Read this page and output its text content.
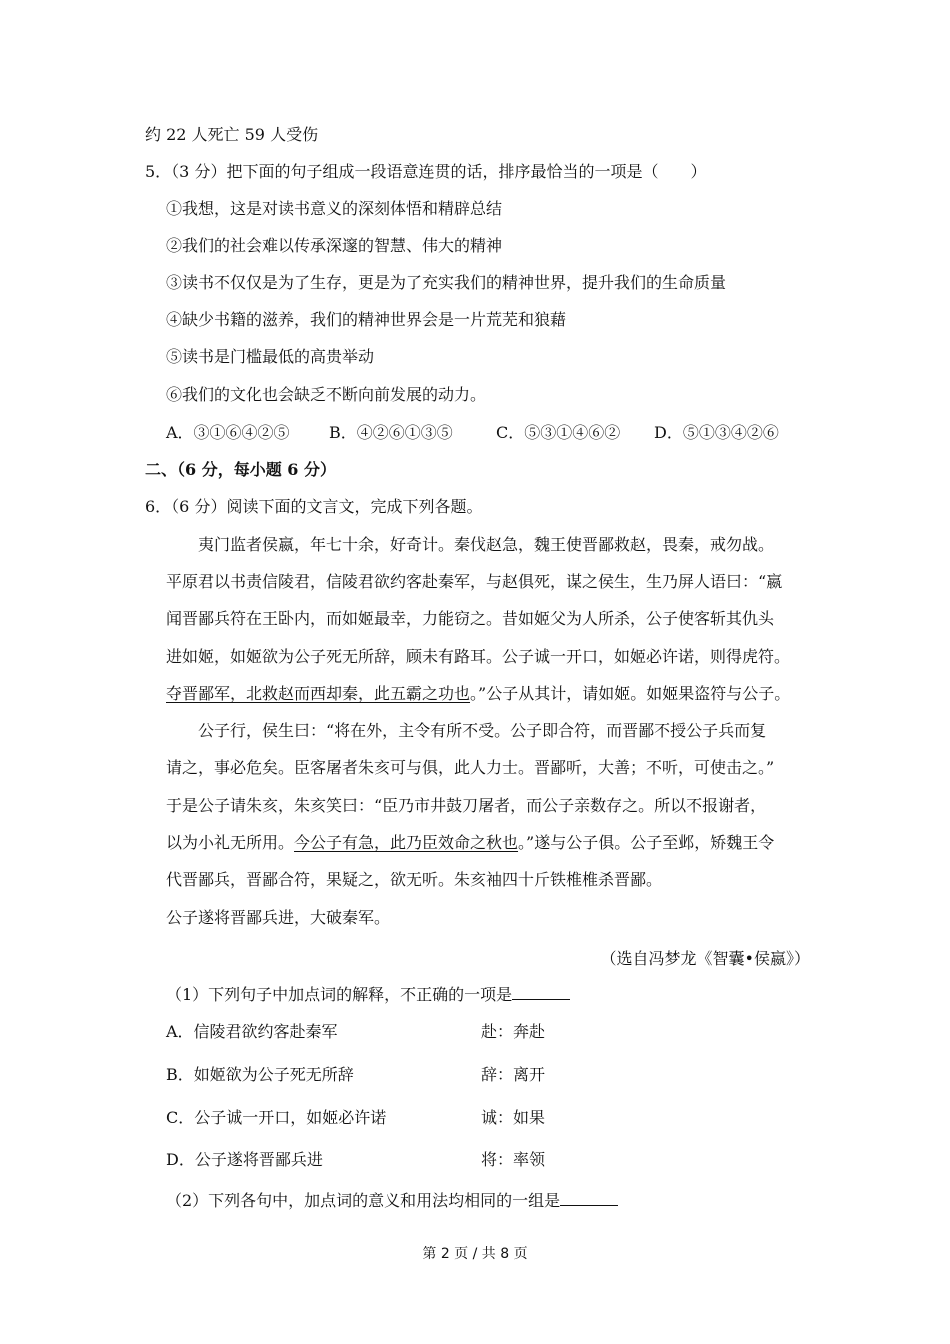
约 22 人死亡 59 人受伤
5．（3 分）把下面的句子组成一段语意连贯的话，排序最恰当的一项是（　　）
①我想，这是对读书意义的深刻体悟和精辟总结
②我们的社会难以传承深邃的智慧、伟大的精神
③读书不仅仅是为了生存，更是为了充实我们的精神世界，提升我们的生命质量
④缺少书籍的滋养，我们的精神世界会是一片荒芜和狼藉
⑤读书是门槛最低的高贵举动
⑥我们的文化也会缺乏不断向前发展的动力。
A．③①⑥④②⑤ B．④②⑥①③⑤	C．⑤③①④⑥② D．⑤①③④②⑥
二、（6 分，每小题 6 分）
6．（6 分）阅读下面的文言文，完成下列各题。
夷门监者侯嬴，年七十余，好奇计。秦伐赵急，魏王使晋鄙救赵，畏秦，戒勿战。
平原君以书责信陵君，信陵君欲约客赴秦军，与赵俱死，谋之侯生，生乃屏人语曰：“嬴
闻晋鄙兵符在王卧内，而如姬最幸，力能窃之。昔如姬父为人所杀，公子使客斩其仇头
进如姬，如姬欲为公子死无所辞，顾未有路耳。公子诚一开口，如姬必许诺，则得虎符。
夺晋鄙军，北救赵而西却秦，此五霸之功也。”公子从其计，请如姬。如姬果盗符与公子。
公子行，侯生曰：“将在外，主令有所不受。公子即合符，而晋鄙不授公子兵而复
请之，事必危矣。臣客屠者朱亥可与俱，此人力士。晋鄙听，大善；不听，可使击之。”
于是公子请朱亥，朱亥笑曰：“臣乃市井鼓刀屠者，而公子亲数存之。所以不报谢者，
以为小礼无所用。今公子有急，此乃臣效命之秋也。”遂与公子俱。公子至邺，矫魏王令
代晋鄙兵，晋鄙合符，果疑之，欲无听。朱亥袖四十斤铁椎椎杀晋鄙。
公子遂将晋鄙兵进，大破秦军。
（选自冯梦龙《智囊•侯嬴》）
（1）下列句子中加点词的解释，不正确的一项是
A．信陵君欲约客赴秦军	赴：奔赴
B．如姬欲为公子死无所辞	辞：离开
C．公子诚一开口，如姬必许诺	诚：如果
D．公子遂将晋鄙兵进	将：率领
（2）下列各句中，加点词的意义和用法均相同的一组是
第 2 页 / 共 8 页
